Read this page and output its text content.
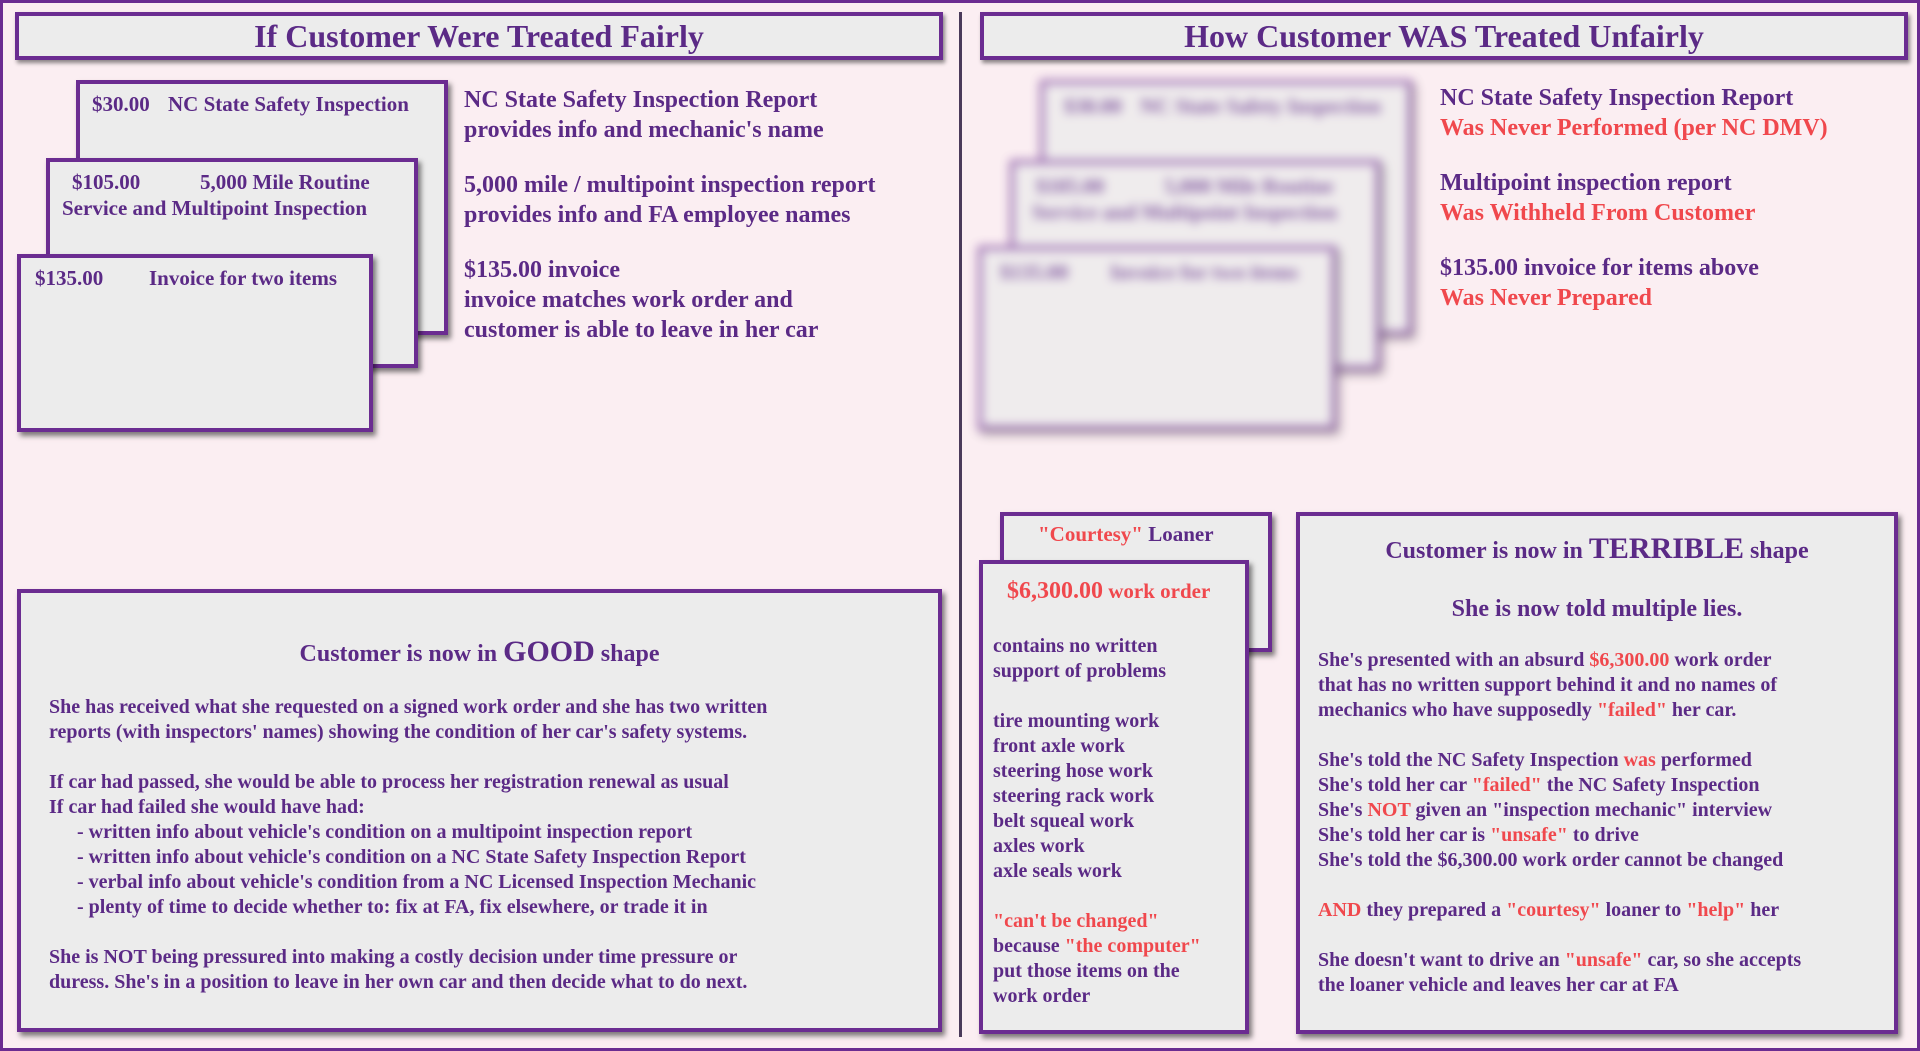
If Customer Were Treated Fairly
$30.00 NC State Safety Inspection
$105.00	5,000 Mile Routine
Service and Multipoint Inspection
$135.00 Invoice for two items
NC State Safety Inspection Report
provides info and mechanic's name
5,000 mile / multipoint inspection report
provides info and FA employee names
$135.00 invoice
invoice matches work order and
customer is able to leave in her car
Customer is now in GOOD shape
She has received what she requested on a signed work order and she has two written
reports (with inspectors' names) showing the condition of her car's safety systems.
If car had passed, she would be able to process her registration renewal as usual
If car had failed she would have had:
- written info about vehicle's condition on a multipoint inspection report
- written info about vehicle's condition on a NC State Safety Inspection Report
- verbal info about vehicle's condition from a NC Licensed Inspection Mechanic
- plenty of time to decide whether to: fix at FA, fix elsewhere, or trade it in
She is NOT being pressured into making a costly decision under time pressure or
duress. She's in a position to leave in her own car and then decide what to do next.
How Customer WAS Treated Unfairly
$30.00 NC State Safety Inspection
$105.00	5,000 Mile Routine
Service and Multipoint Inspection
$135.00 Invoice for two items
NC State Safety Inspection Report
Was Never Performed (per NC DMV)
Multipoint inspection report
Was Withheld From Customer
$135.00 invoice for items above
Was Never Prepared
"Courtesy" Loaner
$6,300.00 work order
contains no written
support of problems
tire mounting work
front axle work
steering hose work
steering rack work
belt squeal work
axles work
axle seals work
"can't be changed"
because "the computer"
put those items on the
work order
Customer is now in TERRIBLE shape
She is now told multiple lies.
She's presented with an absurd $6,300.00 work order
that has no written support behind it and no names of
mechanics who have supposedly "failed" her car.
She's told the NC Safety Inspection was performed
She's told her car "failed" the NC Safety Inspection
She's NOT given an "inspection mechanic" interview
She's told her car is "unsafe" to drive
She's told the $6,300.00 work order cannot be changed
AND they prepared a "courtesy" loaner to "help" her
She doesn't want to drive an "unsafe" car, so she accepts
the loaner vehicle and leaves her car at FA
